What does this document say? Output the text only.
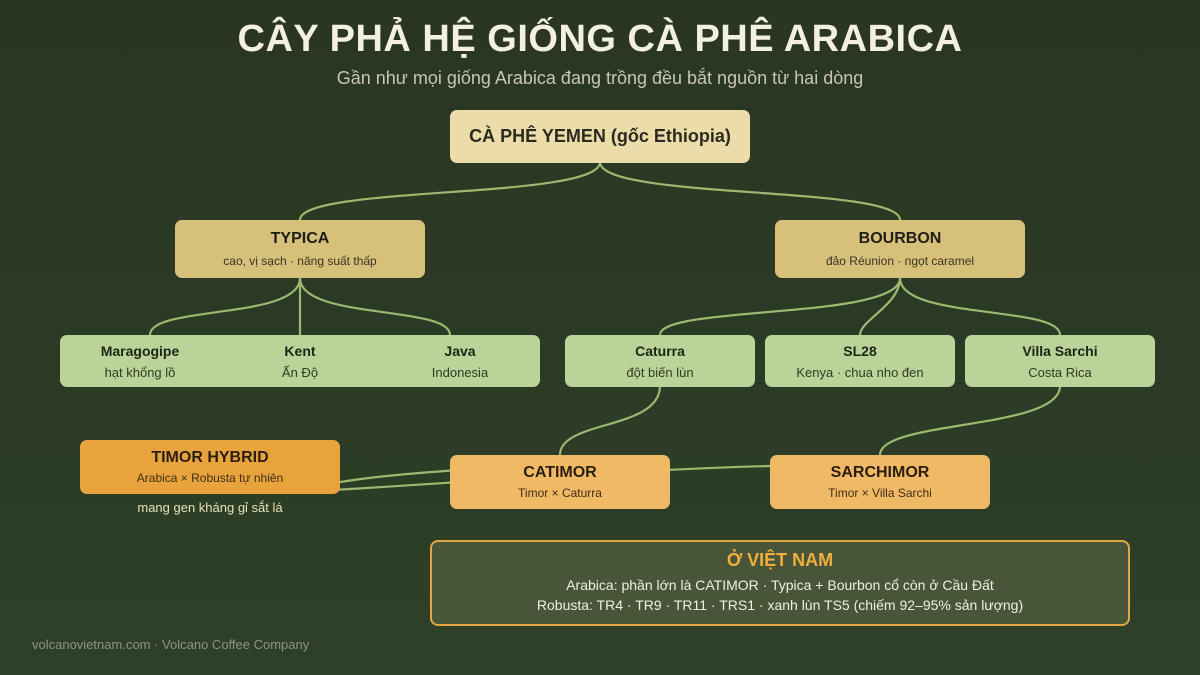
CÂY PHẢ HỆ GIỐNG CÀ PHÊ ARABICA
Gần như mọi giống Arabica đang trồng đều bắt nguồn từ hai dòng
CÀ PHÊ YEMEN (gốc Ethiopia)
TYPICA
cao, vị sạch · năng suất thấp
BOURBON
đảo Réunion · ngọt caramel
Maragogipe
hạt khổng lồ
Kent
Ấn Độ
Java
Indonesia
Caturra
đột biến lùn
SL28
Kenya · chua nho đen
Villa Sarchi
Costa Rica
TIMOR HYBRID
Arabica × Robusta tự nhiên
mang gen kháng gỉ sắt lá
CATIMOR
Timor × Caturra
SARCHIMOR
Timor × Villa Sarchi
Ở VIỆT NAM
Arabica: phần lớn là CATIMOR · Typica + Bourbon cổ còn ở Cầu Đất
Robusta: TR4 · TR9 · TR11 · TRS1 · xanh lùn TS5 (chiếm 92–95% sản lượng)
volcanovietnam.com · Volcano Coffee Company
